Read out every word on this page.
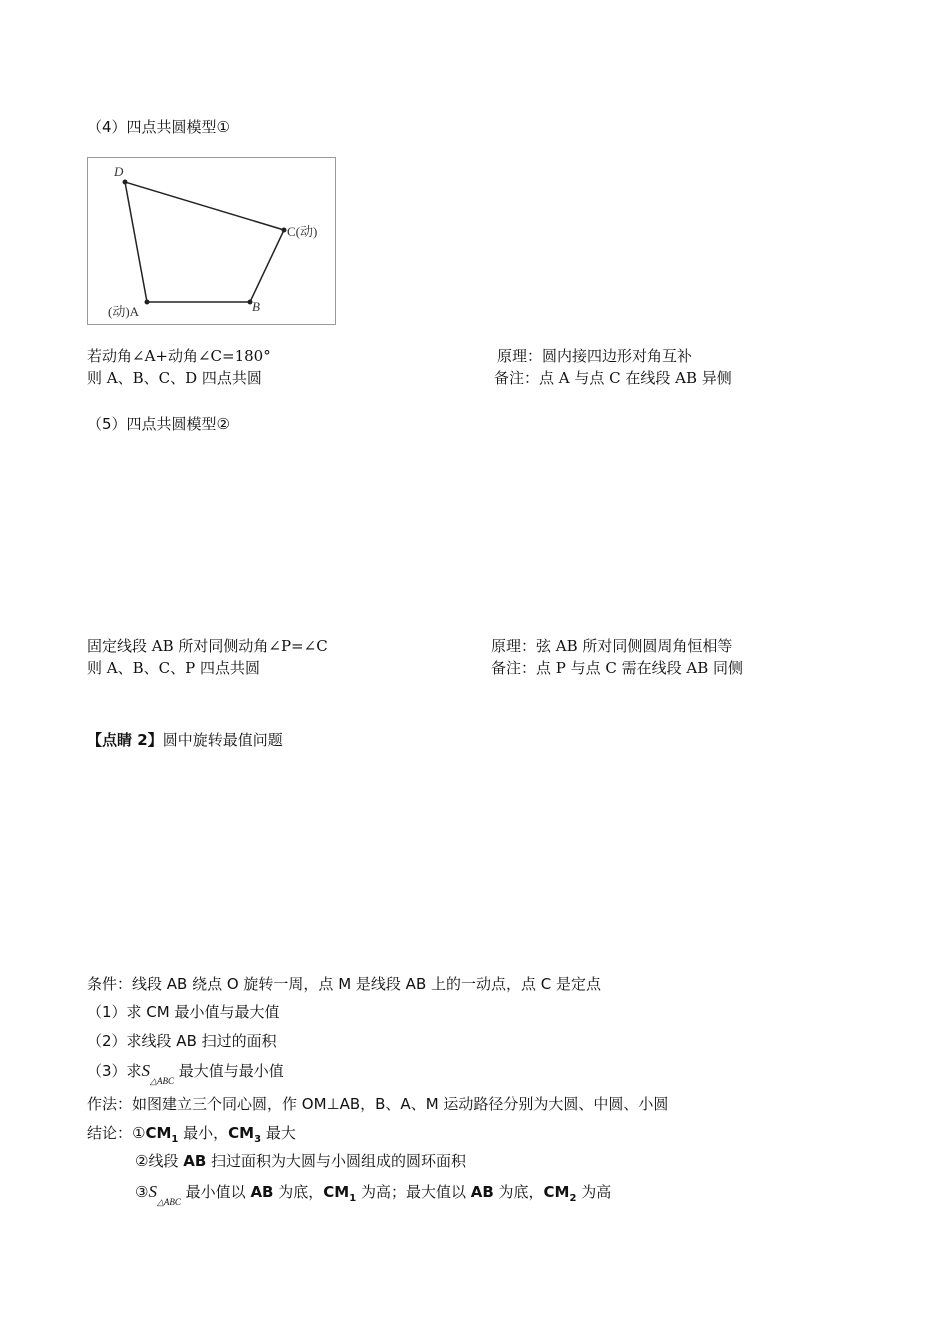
（4）四点共圆模型①
D
C(动)
(动)A	B
若动角∠A+动角∠C=180°
则 A、B、C、D 四点共圆
原理：圆内接四边形对角互补
备注：点 A 与点 C 在线段 AB 异侧
（5）四点共圆模型②
固定线段 AB 所对同侧动角∠P=∠C
则 A、B、C、P 四点共圆
原理：弦 AB 所对同侧圆周角恒相等
备注：点 P 与点 C 需在线段 AB 同侧
【点睛 2】圆中旋转最值问题
条件：线段 AB 绕点 O 旋转一周，点 M 是线段 AB 上的一动点，点 C 是定点
（1）求 CM 最小值与最大值
（2）求线段 AB 扫过的面积
（3）求$S_{\triangle ABC}$ 最大值与最小值
作法：如图建立三个同心圆，作 OM⊥AB，B、A、M 运动路径分别为大圆、中圆、小圆
结论：$①CM_1$ 最小，$CM_3$ 最大
②线段 AB 扫过面积为大圆与小圆组成的圆环面积
$③S_{\triangle ABC}$ 最小值以 AB 为底，$CM_1$ 为高；最大值以 AB 为底，$CM_2$ 为高
